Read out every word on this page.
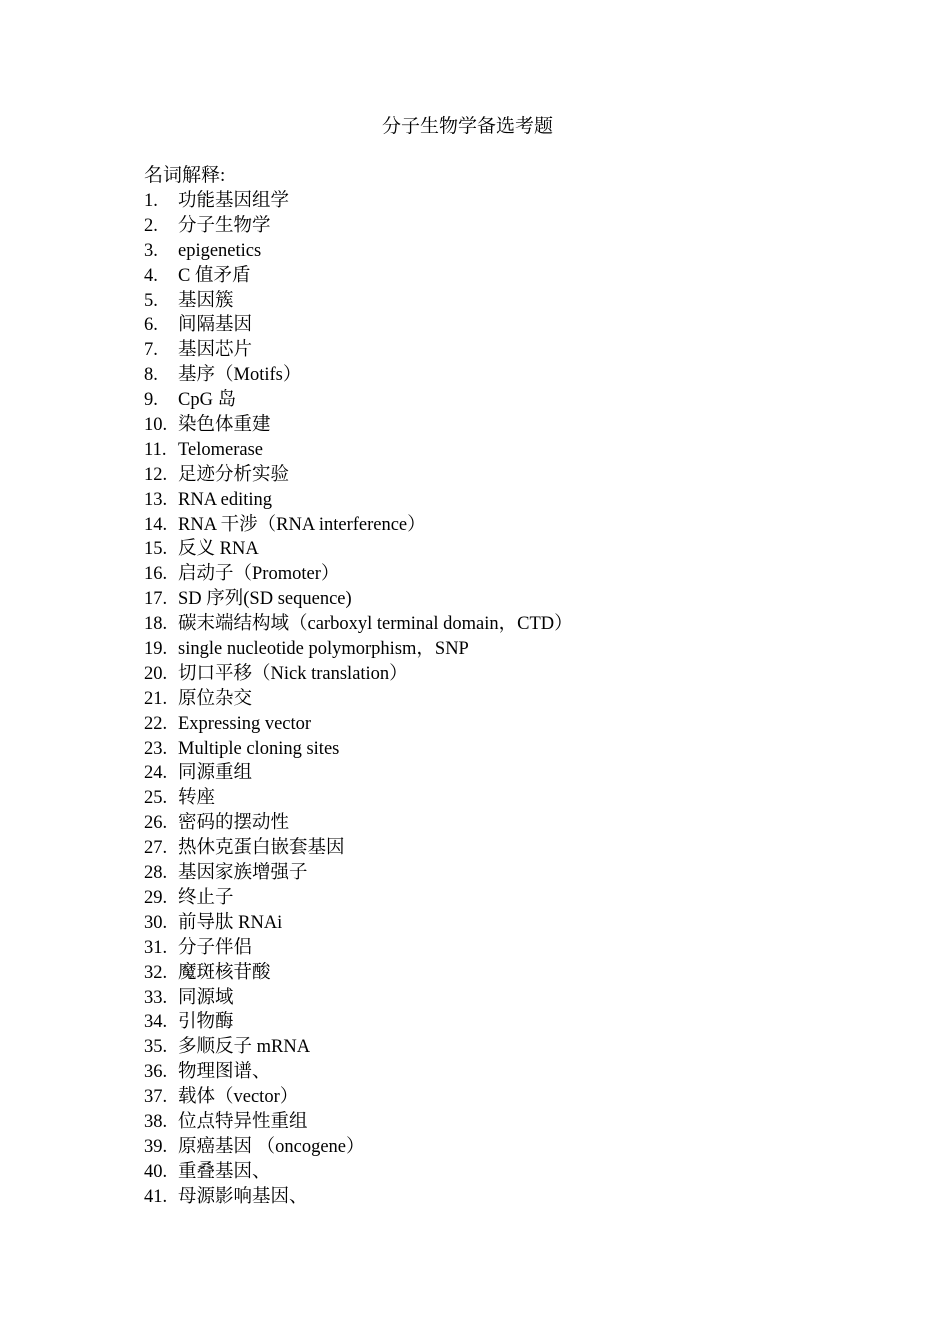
分子生物学备选考题
名词解释:
1.	功能基因组学
2.	分子生物学
3.	epigenetics
4.	C 值矛盾
5.	基因簇
6.	间隔基因
7.	基因芯片
8.	基序（Motifs）
9.	CpG 岛
10. 染色体重建
11. Telomerase
12. 足迹分析实验
13. RNA editing
14. RNA 干涉（RNA interference）
15. 反义 RNA
16. 启动子（Promoter）
17. SD 序列(SD sequence)
18. 碳末端结构域（carboxyl terminal domain，CTD）
19. single nucleotide polymorphism，SNP
20. 切口平移（Nick translation）
21. 原位杂交
22. Expressing vector
23. Multiple cloning sites
24. 同源重组
25. 转座
26. 密码的摆动性
27. 热休克蛋白嵌套基因
28. 基因家族增强子
29. 终止子
30. 前导肽 RNAi
31. 分子伴侣
32. 魔斑核苷酸
33. 同源域
34. 引物酶
35. 多顺反子 mRNA
36. 物理图谱、
37. 载体（vector）
38. 位点特异性重组
39. 原癌基因 （oncogene）
40. 重叠基因、
41. 母源影响基因、
